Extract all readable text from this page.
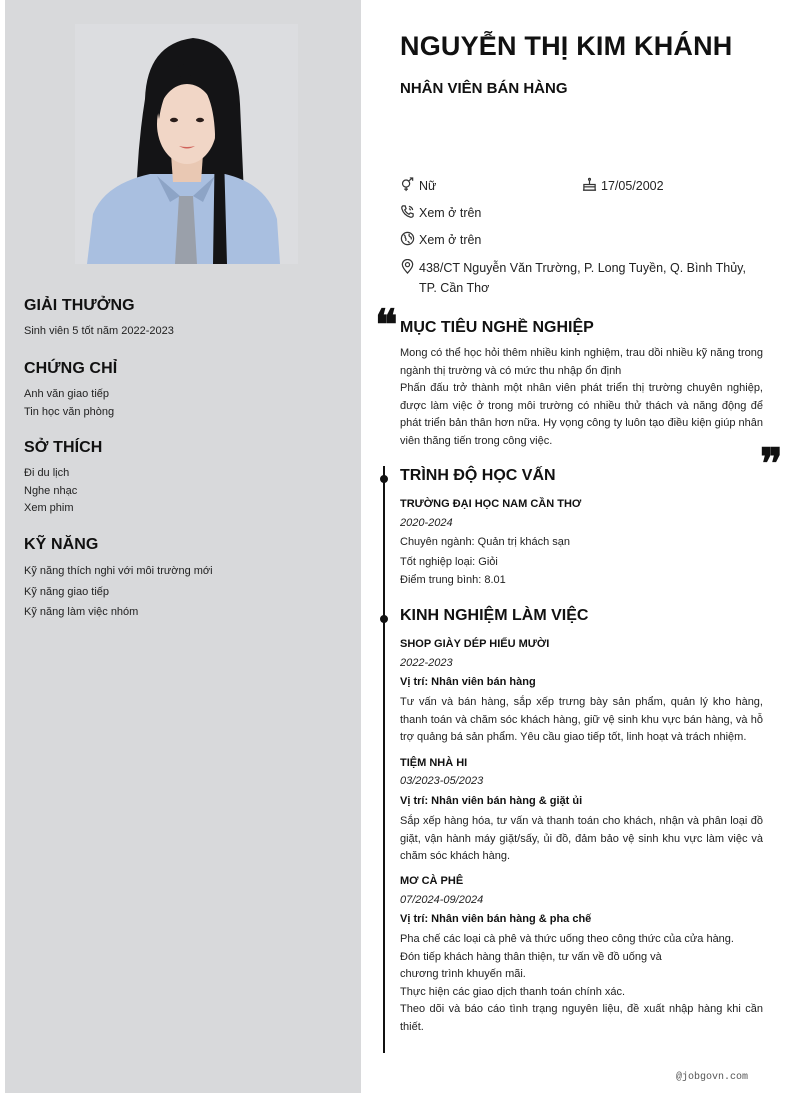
GIẢI THƯỞNG
Sinh viên 5 tốt năm 2022-2023
CHỨNG CHỈ
Anh văn giao tiếp
Tin học văn phòng
SỞ THÍCH
Đi du lịch
Nghe nhạc
Xem phim
KỸ NĂNG
Kỹ năng thích nghi với môi trường mới
Kỹ năng giao tiếp
Kỹ năng làm việc nhóm
NGUYỄN THỊ KIM KHÁNH
NHÂN VIÊN BÁN HÀNG
Nữ	17/05/2002
Xem ở trên
Xem ở trên
438/CT Nguyễn Văn Trường, P. Long Tuyền, Q. Bình Thủy, TP. Cần Thơ
❝ MỤC TIÊU NGHỀ NGHIỆP
Mong có thể học hỏi thêm nhiều kinh nghiệm, trau dồi nhiều kỹ năng trong ngành thị trường và có mức thu nhập ổn định
Phấn đấu trở thành một nhân viên phát triển thị trường chuyên nghiệp, được làm việc ở trong môi trường có nhiều thử thách và năng động để phát triển bản thân hơn nữa. Hy vọng công ty luôn tạo điều kiện giúp nhân viên thăng tiến trong công việc.	❞
TRÌNH ĐỘ HỌC VẤN
TRƯỜNG ĐẠI HỌC NAM CẦN THƠ
2020-2024
Chuyên ngành: Quản trị khách sạn
Tốt nghiệp loại: Giỏi
Điểm trung bình: 8.01
KINH NGHIỆM LÀM VIỆC
SHOP GIÀY DÉP HIẾU MƯỜI
2022-2023
Vị trí: Nhân viên bán hàng
Tư vấn và bán hàng, sắp xếp trưng bày sản phẩm, quản lý kho hàng, thanh toán và chăm sóc khách hàng, giữ vệ sinh khu vực bán hàng, và hỗ trợ quảng bá sản phẩm. Yêu cầu giao tiếp tốt, linh hoạt và trách nhiệm.
TIỆM NHÀ HI
03/2023-05/2023
Vị trí: Nhân viên bán hàng & giặt ủi
Sắp xếp hàng hóa, tư vấn và thanh toán cho khách, nhận và phân loại đồ giặt, vận hành máy giặt/sấy, ủi đồ, đảm bảo vệ sinh khu vực làm việc và chăm sóc khách hàng.
MƠ CÀ PHÊ
07/2024-09/2024
Vị trí: Nhân viên bán hàng & pha chế
Pha chế các loại cà phê và thức uống theo công thức của cửa hàng.
Đón tiếp khách hàng thân thiện, tư vấn về đồ uống và
chương trình khuyến mãi.
Thực hiện các giao dịch thanh toán chính xác.
Theo dõi và báo cáo tình trạng nguyên liệu, đề xuất nhập hàng khi cần thiết.
@jobgovn.com
